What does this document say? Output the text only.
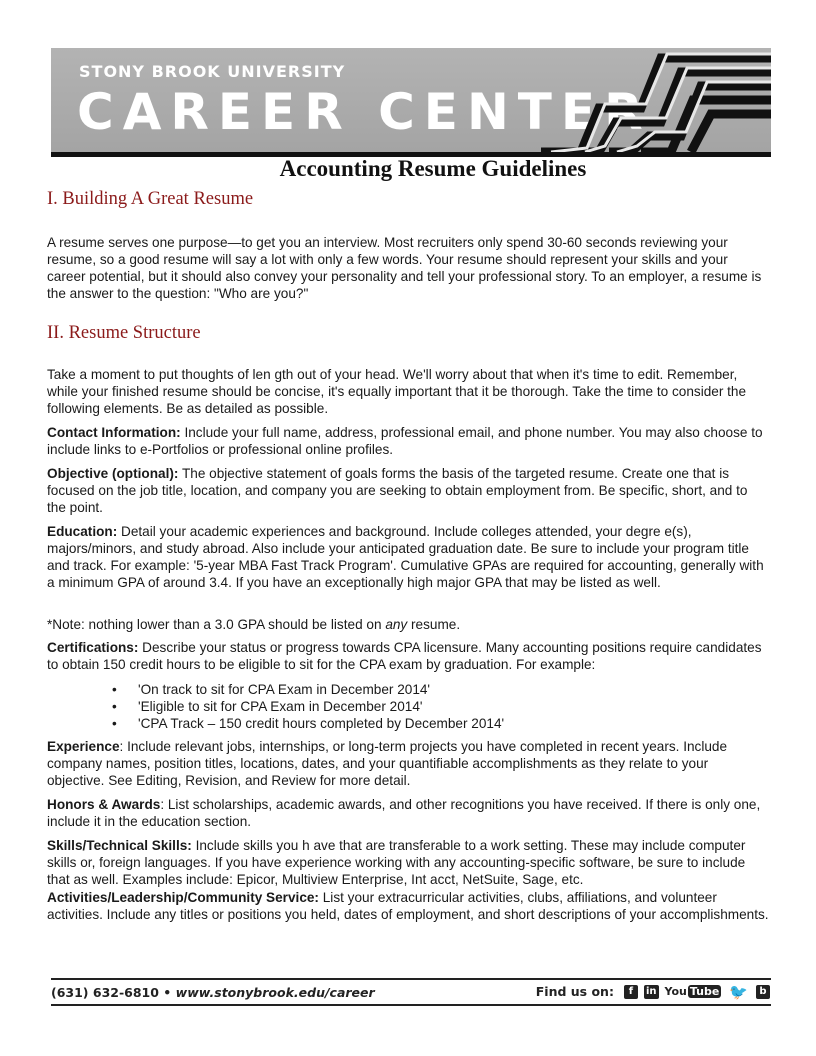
STONY BROOK UNIVERSITY
CAREER CENTER
Accounting Resume Guidelines
I. Building A Great Resume

A resume serves one purpose—to get you an interview. Most recruiters only spend 30-60 seconds reviewing your resume, so a good resume will say a lot with only a few words. Your resume should represent your skills and your career potential, but it should also convey your personality and tell your professional story. To an employer, a resume is the answer to the question: "Who are you?"

II. Resume Structure

Take a moment to put thoughts of len gth out of your head. We'll worry about that when it's time to edit. Remember, while your finished resume should be concise, it's equally important that it be thorough. Take the time to consider the following elements. Be as detailed as possible.

Contact Information: Include your full name, address, professional email, and phone number. You may also choose to include links to e-Portfolios or professional online profiles.

Objective (optional): The objective statement of goals forms the basis of the targeted resume. Create one that is focused on the job title, location, and company you are seeking to obtain employment from. Be specific, short, and to the point.

Education: Detail your academic experiences and background. Include colleges attended, your degre e(s), majors/minors, and study abroad. Also include your anticipated graduation date. Be sure to include your program title and track. For example: '5-year MBA Fast Track Program'. Cumulative GPAs are required for accounting, generally with a minimum GPA of around 3.4. If you have an exceptionally high major GPA that may be listed as well.

*Note: nothing lower than a 3.0 GPA should be listed on any resume.

Certifications: Describe your status or progress towards CPA licensure. Many accounting positions require candidates to obtain 150 credit hours to be eligible to sit for the CPA exam by graduation. For example:

• 'On track to sit for CPA Exam in December 2014'
• 'Eligible to sit for CPA Exam in December 2014'
• 'CPA Track – 150 credit hours completed by December 2014'

Experience: Include relevant jobs, internships, or long-term projects you have completed in recent years. Include company names, position titles, locations, dates, and your quantifiable accomplishments as they relate to your objective. See Editing, Revision, and Review for more detail.

Honors & Awards: List scholarships, academic awards, and other recognitions you have received. If there is only one, include it in the education section.

Skills/Technical Skills: Include skills you h ave that are transferable to a work setting. These may include computer skills or, foreign languages. If you have experience working with any accounting-specific software, be sure to include that as well. Examples include: Epicor, Multiview Enterprise, Int acct, NetSuite, Sage, etc.

Activities/Leadership/Community Service: List your extracurricular activities, clubs, affiliations, and volunteer activities. Include any titles or positions you held, dates of employment, and short descriptions of your accomplishments.

(631) 632-6810 • www.stonybrook.edu/career	Find us on:	f	in You Tube 🐦	b
